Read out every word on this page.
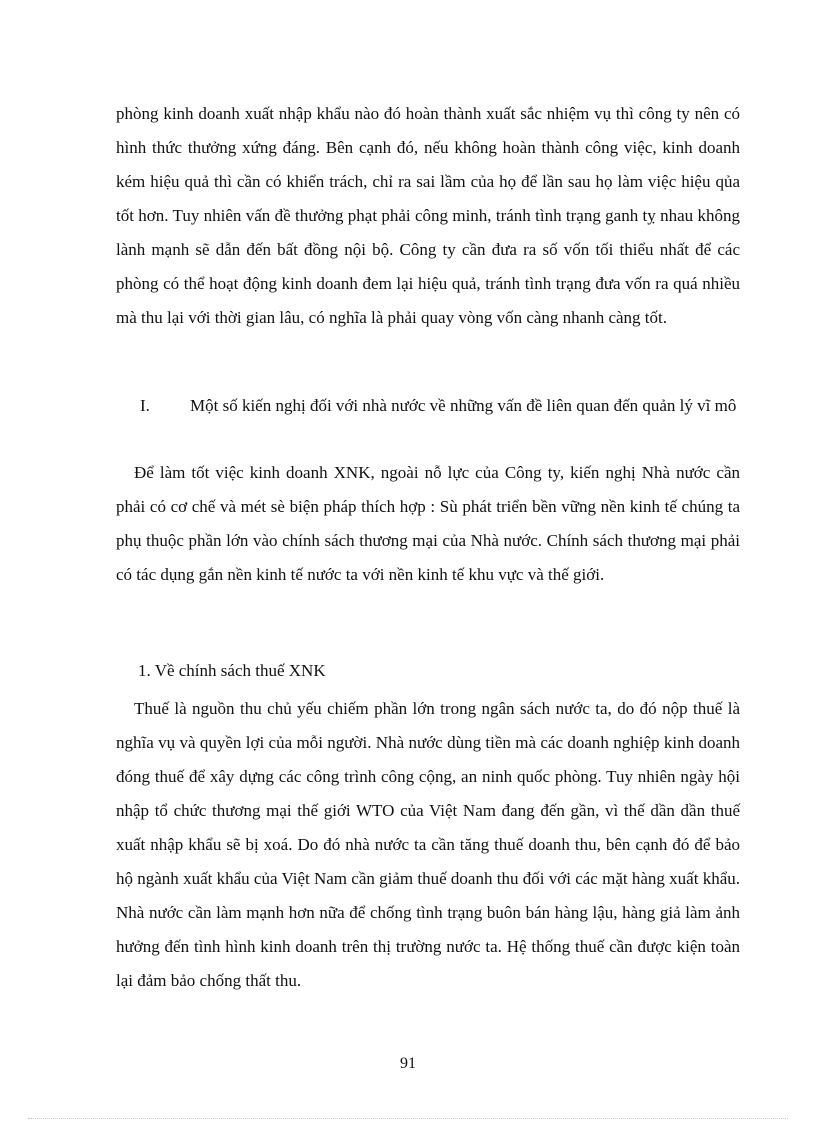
phòng kinh doanh xuất nhập khẩu nào đó hoàn thành xuất sắc nhiệm vụ thì công ty nên có hình thức thưởng xứng đáng. Bên cạnh đó, nếu không hoàn thành công việc, kinh doanh kém hiệu quả thì cần có khiển trách, chỉ ra sai lầm của họ để lần sau họ làm việc hiệu qủa tốt hơn. Tuy nhiên vấn đề thưởng phạt phải công minh, tránh tình trạng ganh tỵ nhau không lành mạnh sẽ dẫn đến bất đồng nội bộ. Công ty cần đưa ra số vốn tối thiểu nhất để các phòng có thể hoạt động kinh doanh đem lại hiệu quả, tránh tình trạng đưa vốn ra quá nhiều mà thu lại với thời gian lâu, có nghĩa là phải quay vòng vốn càng nhanh càng tốt.

I. Một số kiến nghị đối với nhà nước về những vấn đề liên quan đến quản lý vĩ mô

Để làm tốt việc kinh doanh XNK, ngoài nỗ lực của Công ty, kiến nghị Nhà nước cần phải có cơ chế và mét sè biện pháp thích hợp : Sù phát triển bền vững nền kinh tế chúng ta phụ thuộc phần lớn vào chính sách thương mại của Nhà nước. Chính sách thương mại phải có tác dụng gắn nền kinh tế nước ta với nền kinh tế khu vực và thế giới.

1. Về chính sách thuế XNK

Thuế là nguồn thu chủ yếu chiếm phần lớn trong ngân sách nước ta, do đó nộp thuế là nghĩa vụ và quyền lợi của mỗi người. Nhà nước dùng tiền mà các doanh nghiệp kinh doanh đóng thuế để xây dựng các công trình công cộng, an ninh quốc phòng. Tuy nhiên ngày hội nhập tổ chức thương mại thế giới WTO của Việt Nam đang đến gần, vì thế dần dần thuế xuất nhập khẩu sẽ bị xoá. Do đó nhà nước ta cần tăng thuế doanh thu, bên cạnh đó để bảo hộ ngành xuất khẩu của Việt Nam cần giảm thuế doanh thu đối với các mặt hàng xuất khẩu. Nhà nước cần làm mạnh hơn nữa để chống tình trạng buôn bán hàng lậu, hàng giả làm ảnh hưởng đến tình hình kinh doanh trên thị trường nước ta. Hệ thống thuế cần được kiện toàn lại đảm bảo chống thất thu.

91
